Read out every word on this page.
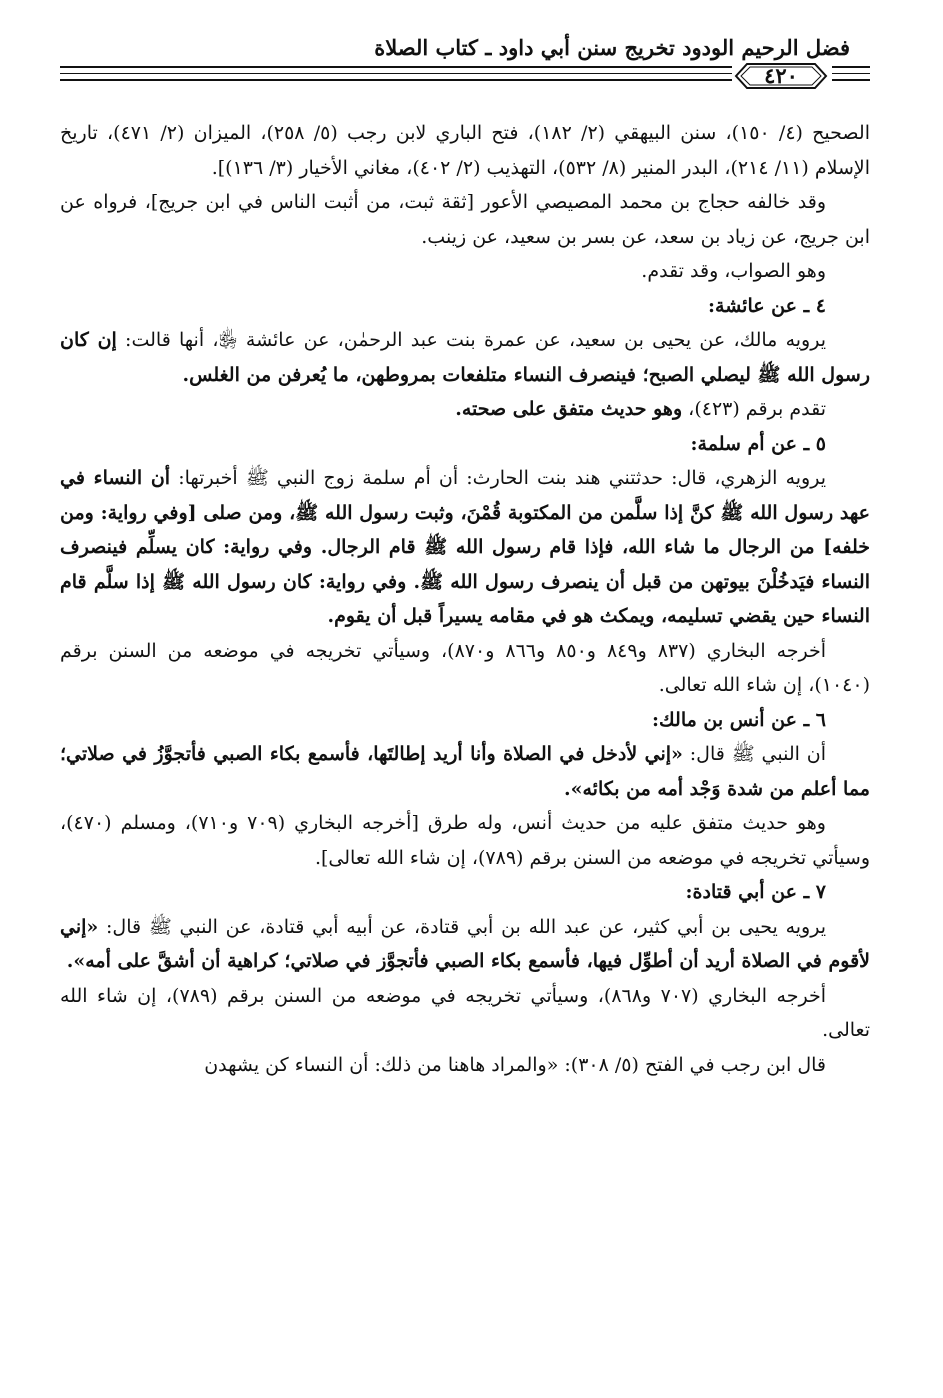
فضل الرحيم الودود تخريج سنن أبي داود ـ كتاب الصلاة
٤٢٠

الصحيح (٤/ ١٥٠)، سنن البيهقي (٢/ ١٨٢)، فتح الباري لابن رجب (٥/ ٢٥٨)، الميزان (٢/ ٤٧١)، تاريخ الإسلام (١١/ ٢١٤)، البدر المنير (٨/ ٥٣٢)، التهذيب (٢/ ٤٠٢)، مغاني الأخيار (٣/ ١٣٦)].

وقد خالفه حجاج بن محمد المصيصي الأعور [ثقة ثبت، من أثبت الناس في ابن جريج]، فرواه عن ابن جريج، عن زياد بن سعد، عن بسر بن سعيد، عن زينب.

وهو الصواب، وقد تقدم.

٤ ـ عن عائشة:

يرويه مالك، عن يحيى بن سعيد، عن عمرة بنت عبد الرحمٰن، عن عائشة ﵂، أنها قالت: إن كان رسول الله ﷺ ليصلي الصبح؛ فينصرف النساء متلفعات بمروطهن، ما يُعرفن من الغلس.

تقدم برقم (٤٢٣)، وهو حديث متفق على صحته.

٥ ـ عن أم سلمة:

يرويه الزهري، قال: حدثتني هند بنت الحارث: أن أم سلمة زوج النبي ﷺ أخبرتها: أن النساء في عهد رسول الله ﷺ كنَّ إذا سلَّمن من المكتوبة قُمْنَ، وثبت رسول الله ﷺ، ومن صلى [وفي رواية: ومن خلفه] من الرجال ما شاء الله، فإذا قام رسول الله ﷺ قام الرجال. وفي رواية: كان يسلِّم فينصرف النساء فيَدخُلْنَ بيوتهن من قبل أن ينصرف رسول الله ﷺ. وفي رواية: كان رسول الله ﷺ إذا سلَّم قام النساء حين يقضي تسليمه، ويمكث هو في مقامه يسيراً قبل أن يقوم.

أخرجه البخاري (٨٣٧ و٨٤٩ و٨٥٠ و٨٦٦ و٨٧٠)، وسيأتي تخريجه في موضعه من السنن برقم (١٠٤٠)، إن شاء الله تعالى.

٦ ـ عن أنس بن مالك:

أن النبي ﷺ قال: «إني لأدخل في الصلاة وأنا أريد إطالتَها، فأسمع بكاء الصبي فأتجوَّزُ في صلاتي؛ مما أعلم من شدة وَجْد أمه من بكائه».

وهو حديث متفق عليه من حديث أنس، وله طرق [أخرجه البخاري (٧٠٩ و٧١٠)، ومسلم (٤٧٠)، وسيأتي تخريجه في موضعه من السنن برقم (٧٨٩)، إن شاء الله تعالى].

٧ ـ عن أبي قتادة:

يرويه يحيى بن أبي كثير، عن عبد الله بن أبي قتادة، عن أبيه أبي قتادة، عن النبي ﷺ قال: «إني لأقوم في الصلاة أريد أن أطوِّل فيها، فأسمع بكاء الصبي فأتجوَّز في صلاتي؛ كراهية أن أشقَّ على أمه».

أخرجه البخاري (٧٠٧ و٨٦٨)، وسيأتي تخريجه في موضعه من السنن برقم (٧٨٩)، إن شاء الله تعالى.

قال ابن رجب في الفتح (٥/ ٣٠٨): «والمراد هاهنا من ذلك: أن النساء كن يشهدن
